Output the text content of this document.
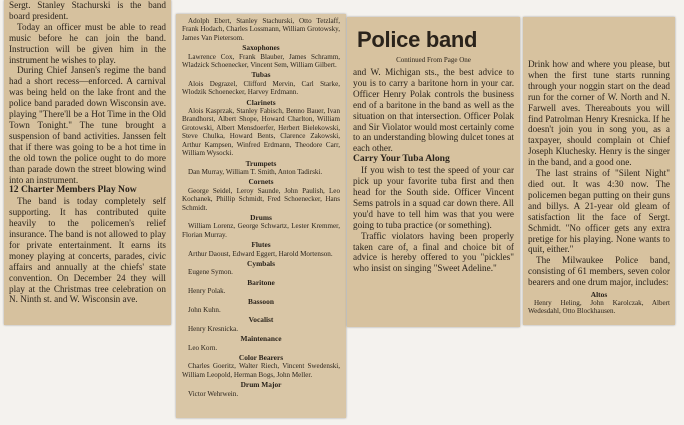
Sergt. Stanley Stachurski is the band board president.

Today an officer must be able to read music before he can join the band. Instruction will be given him in the instrument he wishes to play.

During Chief Jansen's regime the band had a short recess—enforced. A carnival was being held on the lake front and the police band paraded down Wisconsin ave. playing "There'll be a Hot Time in the Old Town Tonight." The tune brought a suspension of band activities. Janssen felt that if there was going to be a hot time in the old town the police ought to do more than parade down the street blowing wind into an instrument.

12 Charter Members Play Now

The band is today completely self supporting. It has contributed quite heavily to the policemen's relief insurance. The band is not allowed to play for private entertainment. It earns its money playing at concerts, parades, civic affairs and annually at the chiefs' state convention. On December 24 they will play at the Christmas tree celebration on N. Ninth st. and W. Wisconsin ave.

Adolph Ebert, Stanley Stachurski, Otto Tetzlaff, Frank Hodach, Charles Lossmann, William Grotowsky, James Van Pietersom.

Saxophones

Lawrence Cox, Frank Blauber, James Schramm, Wladzick Schoenecker, Vincent Sem, William Gilbert.

Tubas

Alois Degrazel, Clifford Mervin, Carl Starke, Wlodzik Schoenecker, Harvey Erdmann.

Clarinets

Alois Kasprzak, Stanley Fabisch, Benno Bauer, Ivan Brandhorst, Albert Shope, Howard Charlton, William Grotowski, Albert Mensdoerfer, Herbert Bielekowski, Steve Chulka, Howard Bents, Clarence Zakowski, Arthur Kampsen, Winfred Erdmann, Theodore Carr, William Wysocki.

Trumpets

Dan Murray, William T. Smith, Anton Tadirski.

Cornets

George Seidel, Leroy Saunde, John Paulish, Leo Kochanek, Phillip Schmidt, Fred Schoenecker, Hans Schmidt.

Drums

William Lorenz, George Schwartz, Lester Kremmer, Florian Murray.

Flutes

Arthur Daoust, Edward Eggert, Harold Mortenson.

Cymbals

Eugene Symon.

Baritone

Henry Polak.

Bassoon

John Kuhn.

Vocalist

Henry Kresnicka.

Maintenance

Leo Korn.

Color Bearers

Charles Goeritz, Walter Riech, Vincent Swedenski, William Leopold, Herman Bogs, John Meller.

Drum Major

Victor Wehrwein.

Police band
Continued From Page One

and W. Michigan sts., the best advice to you is to carry a baritone horn in your car. Officer Henry Polak controls the business end of a baritone in the band as well as the situation on that intersection. Officer Polak and Sir Violator would most certainly come to an understanding blowing dulcet tones at each other.

Carry Your Tuba Along

If you wish to test the speed of your car pick up your favorite tuba first and then head for the South side. Officer Vincent Sems patrols in a squad car down there. All you'd have to tell him was that you were going to tuba practice (or something).

Traffic violators having been properly taken care of, a final and choice bit of advice is hereby offered to you "pickles" who insist on singing "Sweet Adeline."

Drink how and where you please, but when the first tune starts running through your noggin start on the dead run for the corner of W. North and N. Farwell aves. Thereabouts you will find Patrolman Henry Kresnicka. If he doesn't join you in song you, as a taxpayer, should complain ot Chief Joseph Kluchesky. Henry is the singer in the band, and a good one.

The last strains of "Silent Night" died out. It was 4:30 now. The policemen began putting on their guns and billys. A 21-year old gleam of satisfaction lit the face of Sergt. Schmidt. "No officer gets any extra pretige for his playing. None wants to quit, either."

The Milwaukee Police band, consisting of 61 members, seven color bearers and one drum major, includes:

Altos
Henry Heling, John Karolczak, Albert Wedesdahl, Otto Blockhausen.
